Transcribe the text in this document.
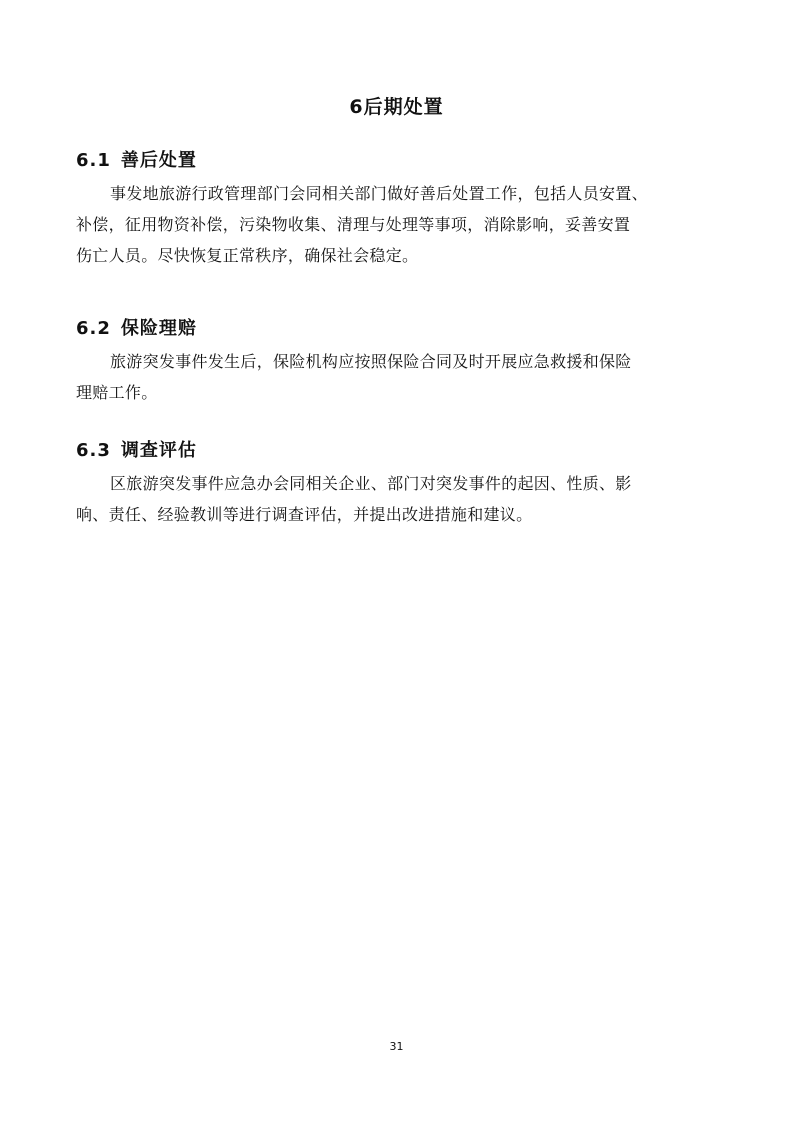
6后期处置
6.1 善后处置

事发地旅游行政管理部门会同相关部门做好善后处置工作，包括人员安置、
补偿，征用物资补偿，污染物收集、清理与处理等事项，消除影响，妥善安置
伤亡人员。尽快恢复正常秩序，确保社会稳定。

6.2 保险理赔

旅游突发事件发生后，保险机构应按照保险合同及时开展应急救援和保险
理赔工作。

6.3 调查评估

区旅游突发事件应急办会同相关企业、部门对突发事件的起因、性质、影
响、责任、经验教训等进行调查评估，并提出改进措施和建议。

31
